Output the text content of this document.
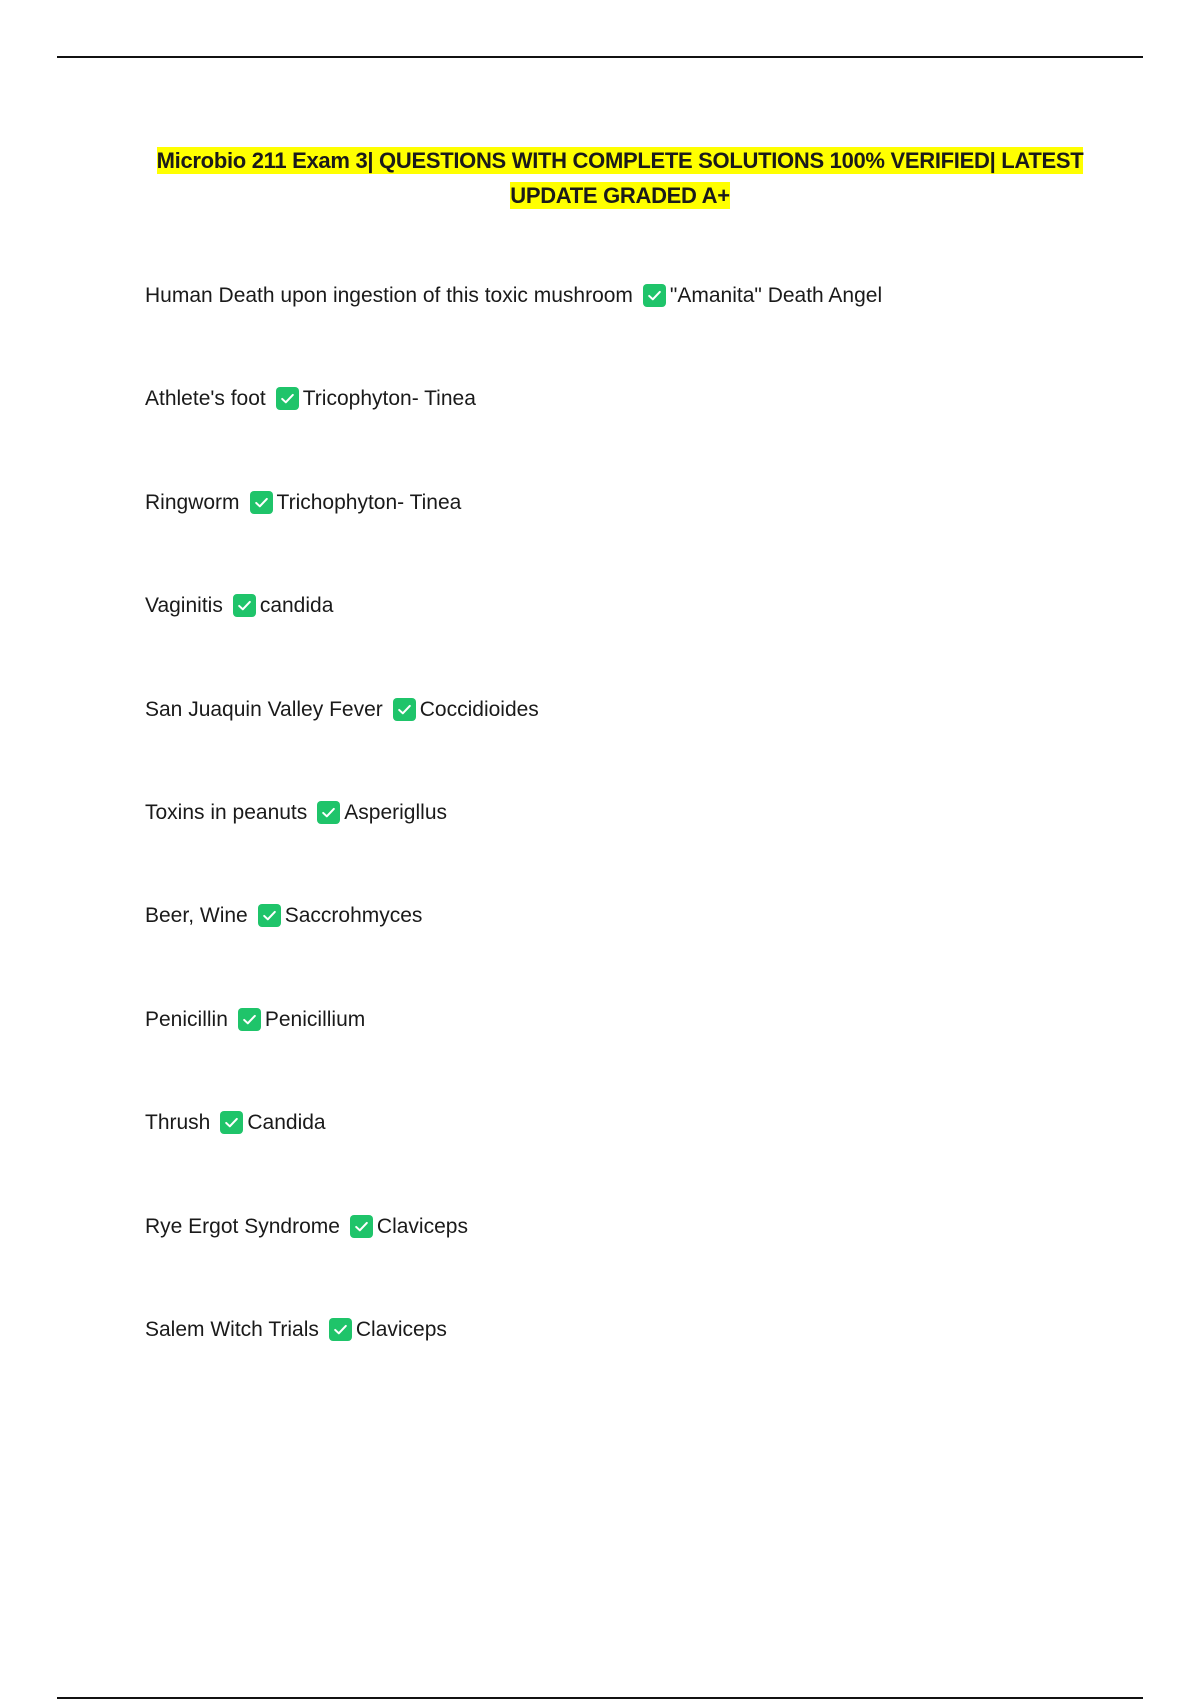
Microbio 211 Exam 3| QUESTIONS WITH COMPLETE SOLUTIONS 100% VERIFIED| LATEST
UPDATE GRADED A+
Human Death upon ingestion of this toxic mushroom "Amanita" Death Angel
Athlete's foot Tricophyton- Tinea
Ringworm Trichophyton- Tinea
Vaginitis candida
San Juaquin Valley Fever Coccidioides
Toxins in peanuts Asperigllus
Beer, Wine Saccrohmyces
Penicillin Penicillium
Thrush Candida
Rye Ergot Syndrome Claviceps
Salem Witch Trials Claviceps
